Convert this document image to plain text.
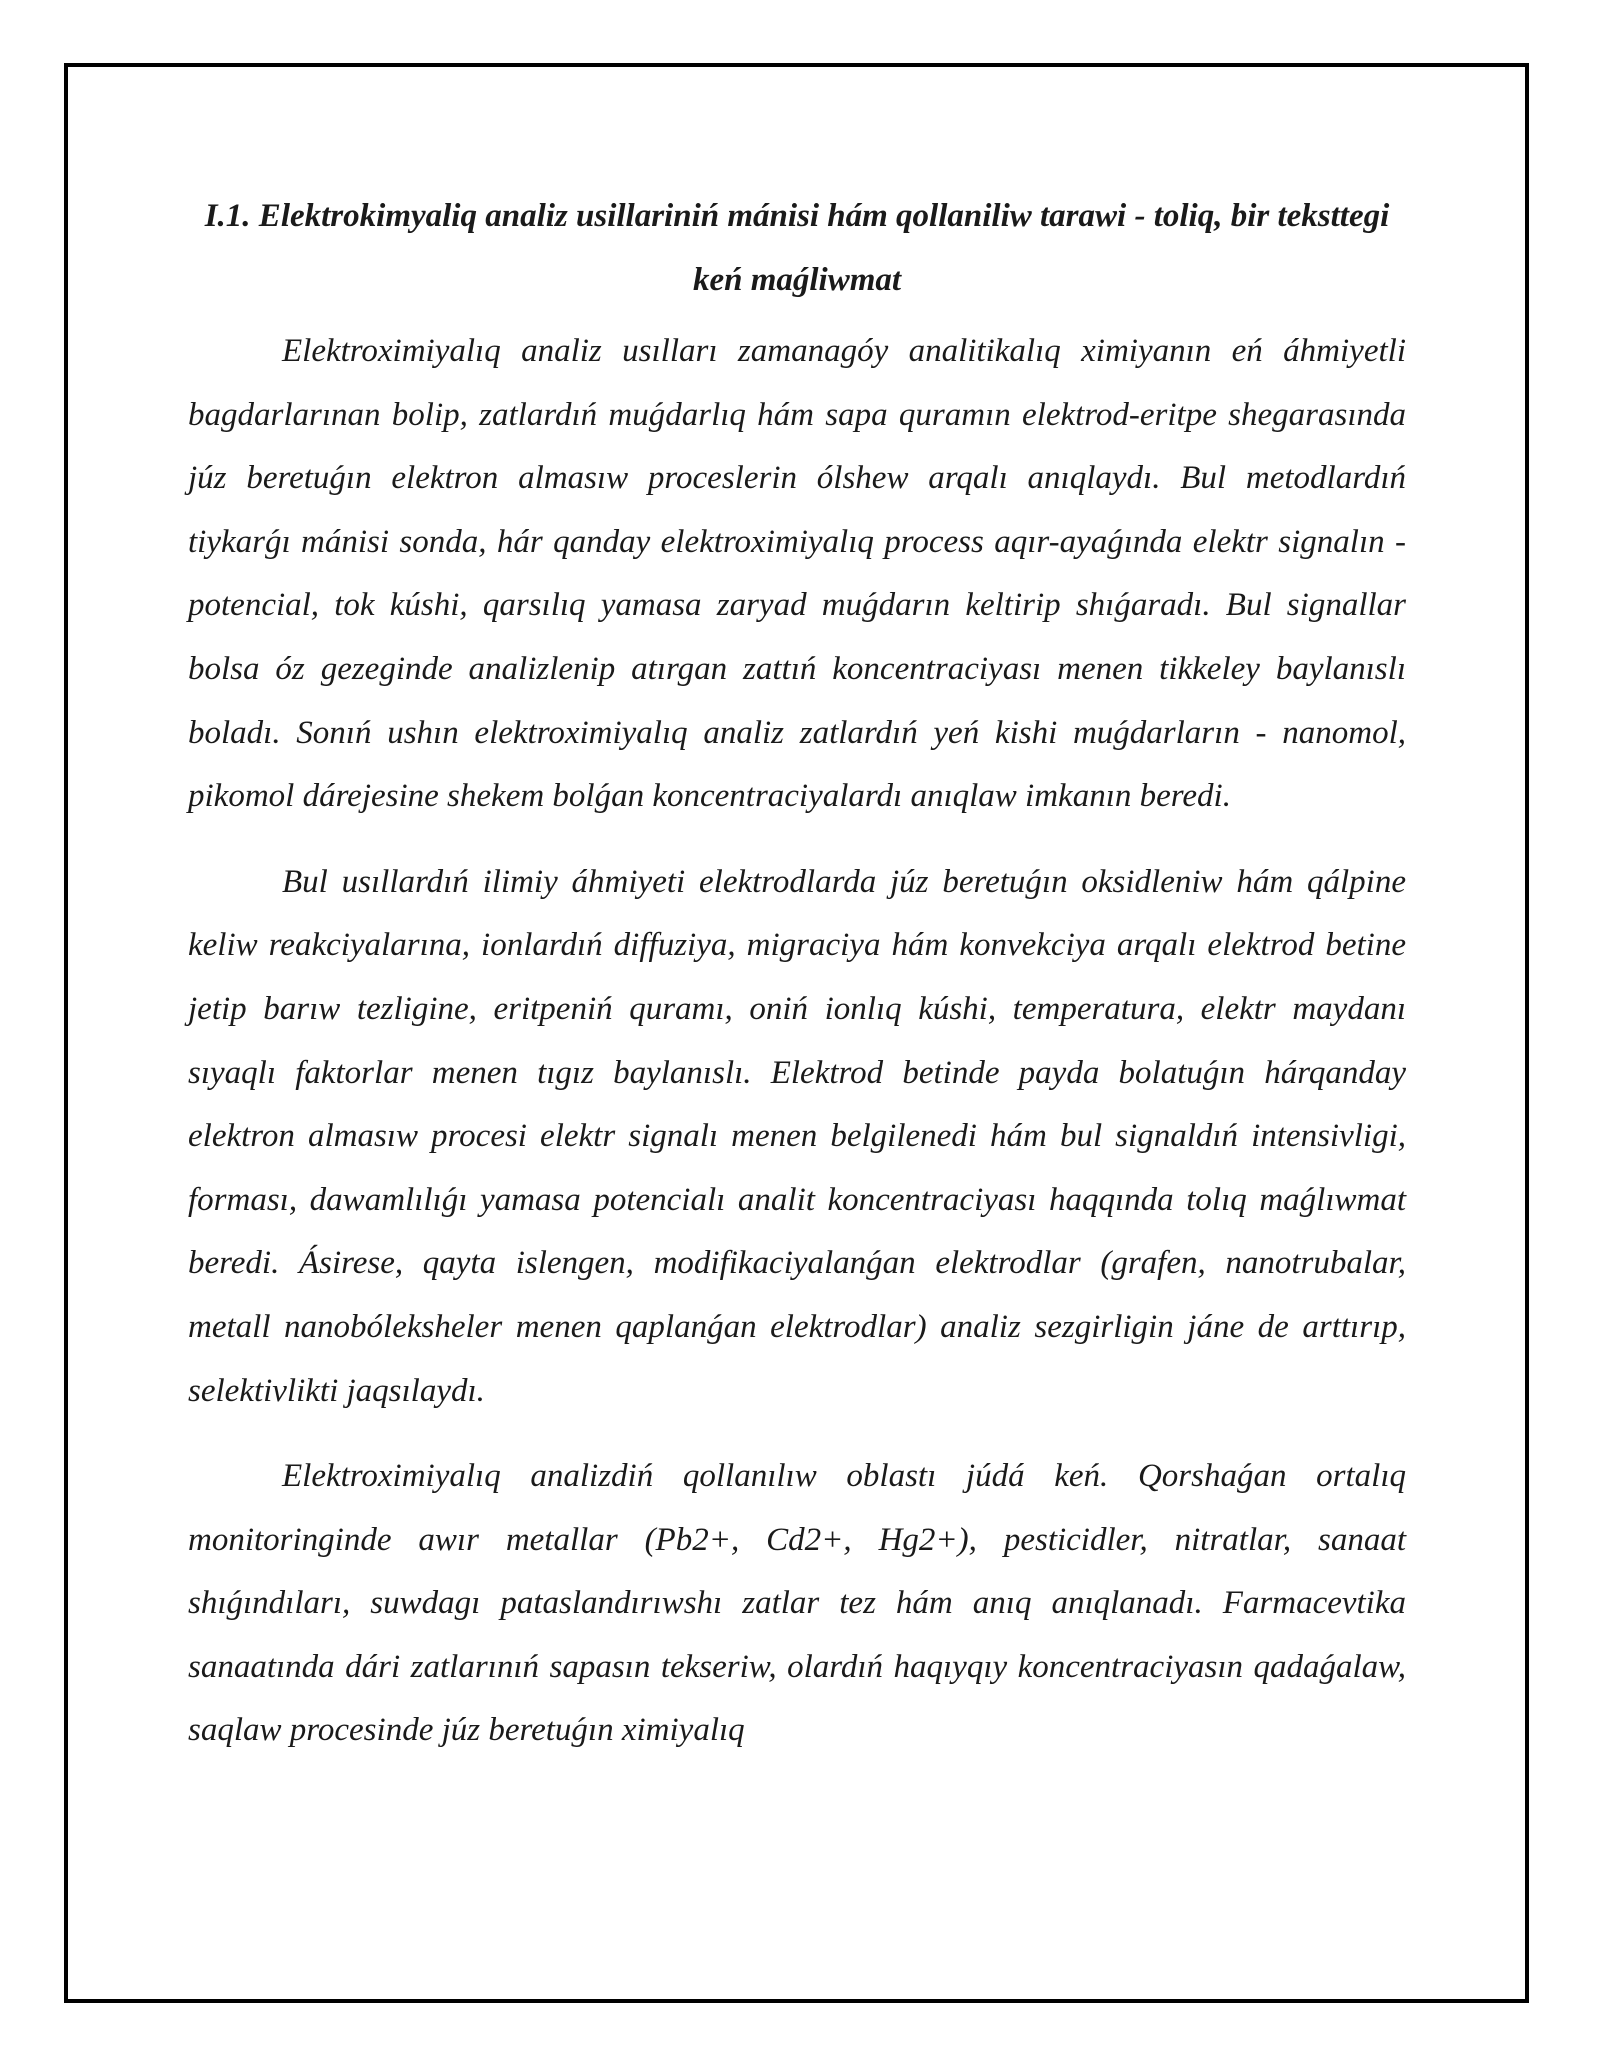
I.1. Elektrokimyaliq analiz usillariniń mánisi hám qollaniliw tarawi - toliq, bir teksttegi keń maǵliwmat

Elektroximiyalıq analiz usılları zamanagóy analitikalıq ximiyanın eń áhmiyetli bagdarlarınan bolip, zatlardıń muǵdarlıq hám sapa quramın elektrod-eritpe shegarasında júz beretuǵın elektron almasıw proceslerin ólshew arqalı anıqlaydı. Bul metodlardıń tiykarǵı mánisi sonda, hár qanday elektroximiyalıq process aqır-ayaǵında elektr signalın - potencial, tok kúshi, qarsılıq yamasa zaryad muǵdarın keltirip shıǵaradı. Bul signallar bolsa óz gezeginde analizlenip atırgan zattıń koncentraciyası menen tikkeley baylanıslı boladı. Sonıń ushın elektroximiyalıq analiz zatlardıń yeń kishi muǵdarların - nanomol, pikomol dárejesine shekem bolǵan koncentraciyalardı anıqlaw imkanın beredi.

Bul usıllardıń ilimiy áhmiyeti elektrodlarda júz beretuǵın oksidleniw hám qálpine keliw reakciyalarına, ionlardıń diffuziya, migraciya hám konvekciya arqalı elektrod betine jetip barıw tezligine, eritpeniń quramı, oniń ionlıq kúshi, temperatura, elektr maydanı sıyaqlı faktorlar menen tıgız baylanıslı. Elektrod betinde payda bolatuǵın hárqanday elektron almasıw procesi elektr signalı menen belgilenedi hám bul signaldıń intensivligi, forması, dawamlılıǵı yamasa potencialı analit koncentraciyası haqqında tolıq maǵlıwmat beredi. Ásirese, qayta islengen, modifikaciyalanǵan elektrodlar (grafen, nanotrubalar, metall nanobóleksheler menen qaplanǵan elektrodlar) analiz sezgirligin jáne de arttırıp, selektivlikti jaqsılaydı.

Elektroximiyalıq analizdiń qollanılıw oblastı júdá keń. Qorshaǵan ortalıq monitoringinde awır metallar (Pb2+, Cd2+, Hg2+), pesticidler, nitratlar, sanaat shıǵındıları, suwdagı pataslandırıwshı zatlar tez hám anıq anıqlanadı. Farmacevtika sanaatında dári zatlarınıń sapasın tekseriw, olardıń haqıyqıy koncentraciyasın qadaǵalaw, saqlaw procesinde júz beretuǵın ximiyalıq
